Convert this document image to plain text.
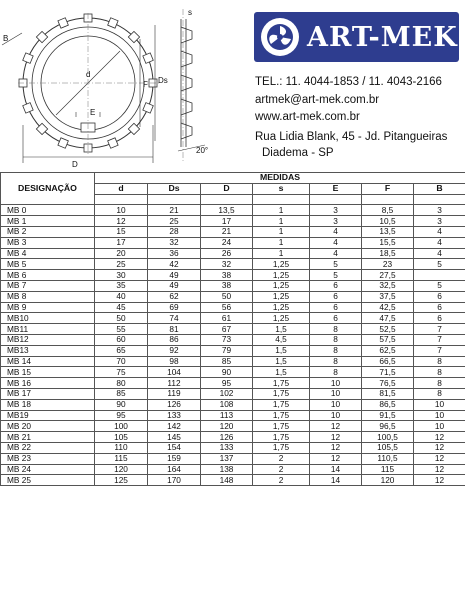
B
d
Ds
F
E
D
s
20°
ART-MEK
TEL.: 11. 4044-1853 / 11. 4043-2166
artmek@art-mek.com.br
www.art-mek.com.br
Rua Lidia Blank, 45 - Jd. Pitangueiras
Diadema - SP
DESIGNAÇÃO	MEDIDAS						
	d	Ds	D	s	E	F	B

MB 0	10	21	13,5	1	3	8,5	3
MB 1	12	25	17	1	3	10,5	3
MB 2	15	28	21	1	4	13,5	4
MB 3	17	32	24	1	4	15,5	4
MB 4	20	36	26	1	4	18,5	4
MB 5	25	42	32	1,25	5	23	5
MB 6	30	49	38	1,25	5	27,5	
MB 7	35	49	38	1,25	6	32,5	5
MB 8	40	62	50	1,25	6	37,5	6
MB 9	45	69	56	1,25	6	42,5	6
MB10	50	74	61	1,25	6	47,5	6
MB11	55	81	67	1,5	8	52,5	7
MB12	60	86	73	4,5	8	57,5	7
MB13	65	92	79	1,5	8	62,5	7
MB 14	70	98	85	1,5	8	66,5	8
MB 15	75	104	90	1,5	8	71,5	8
MB 16	80	112	95	1,75	10	76,5	8
MB 17	85	119	102	1,75	10	81,5	8
MB 18	90	126	108	1,75	10	86,5	10
MB19	95	133	113	1,75	10	91,5	10
MB 20	100	142	120	1,75	12	96,5	10
MB 21	105	145	126	1,75	12	100,5	12
MB 22	110	154	133	1,75	12	105,5	12
MB 23	115	159	137	2	12	110,5	12
MB 24	120	164	138	2	14	115	12
MB 25	125	170	148	2	14	120	12
